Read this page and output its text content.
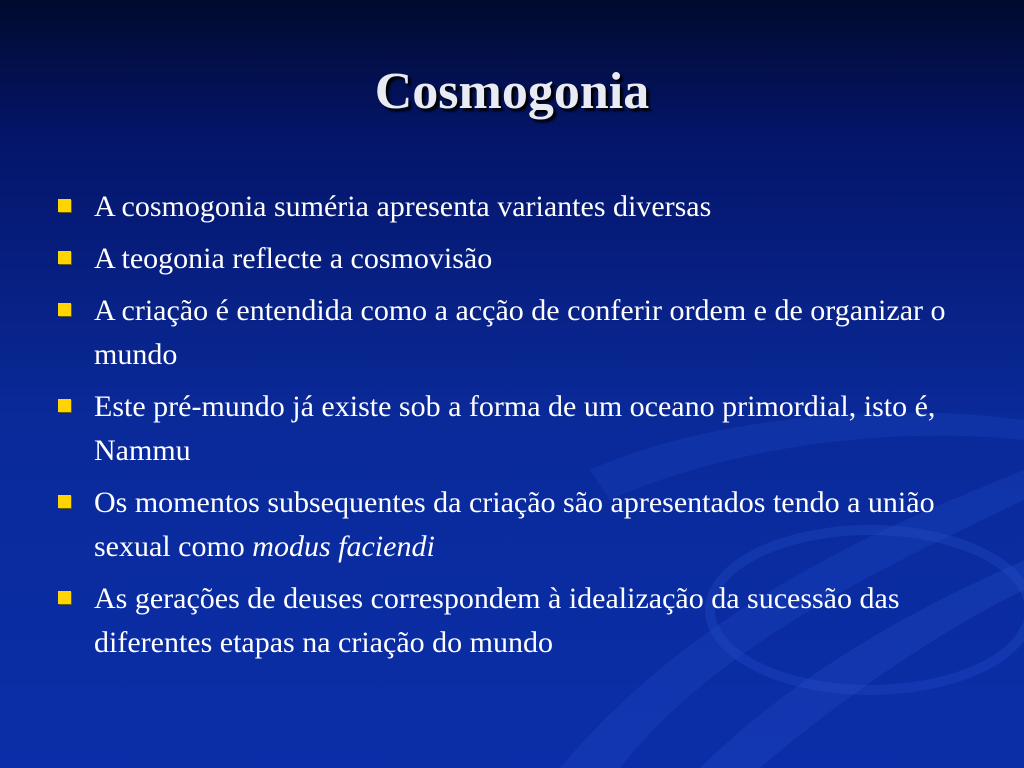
Cosmogonia
A cosmogonia suméria apresenta variantes diversas
A teogonia reflecte a cosmovisão
A criação é entendida como a acção de conferir ordem e de organizar o mundo
Este pré-mundo já existe sob a forma de um oceano primordial, isto é, Nammu
Os momentos subsequentes da criação são apresentados tendo a união sexual como modus faciendi
As gerações de deuses correspondem à idealização da sucessão das diferentes etapas na criação do mundo
